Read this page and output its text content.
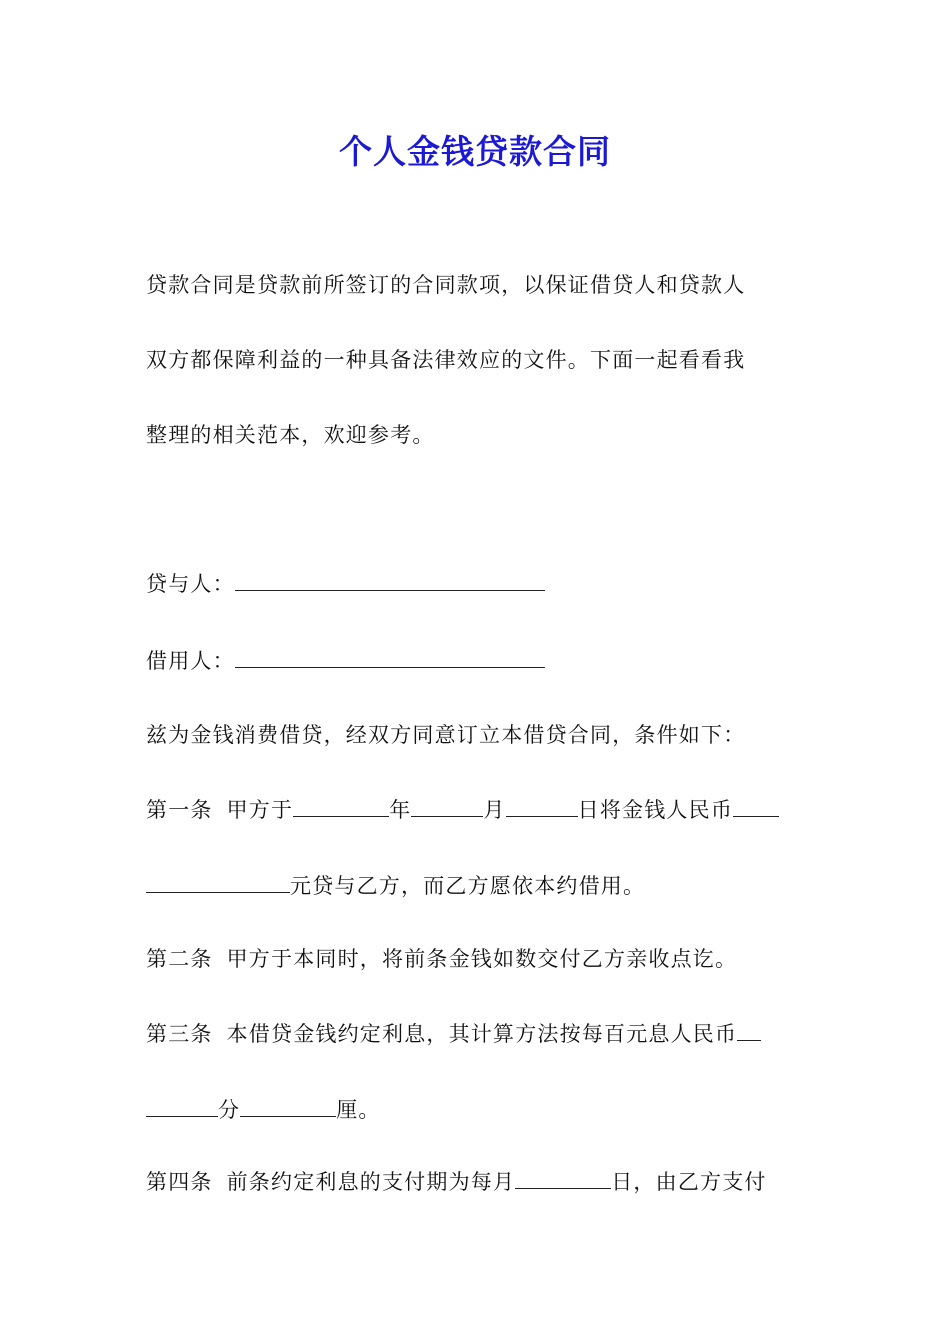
个人金钱贷款合同
贷款合同是贷款前所签订的合同款项，以保证借贷人和贷款人
双方都保障利益的一种具备法律效应的文件。下面一起看看我
整理的相关范本，欢迎参考。
贷与人：
借用人：
兹为金钱消费借贷，经双方同意订立本借贷合同，条件如下：
第一条 甲方于	年	月	日将金钱人民币
元贷与乙方，而乙方愿依本约借用。
第二条 甲方于本同时，将前条金钱如数交付乙方亲收点讫。
第三条 本借贷金钱约定利息，其计算方法按每百元息人民币
分	厘。
第四条 前条约定利息的支付期为每月	日，由乙方支付
